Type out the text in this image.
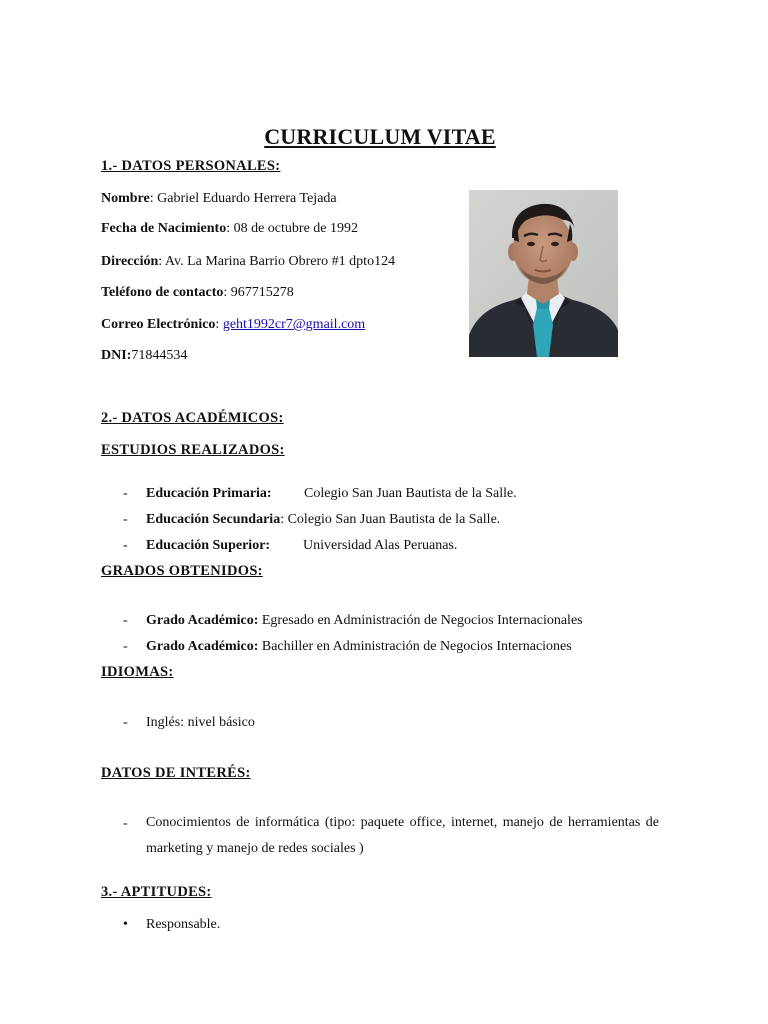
CURRICULUM VITAE
1.- DATOS PERSONALES:
Nombre: Gabriel Eduardo Herrera Tejada
Fecha de Nacimiento: 08 de octubre de 1992
Dirección: Av. La Marina Barrio Obrero #1 dpto124
Teléfono de contacto: 967715278
Correo Electrónico: geht1992cr7@gmail.com
DNI:71844534
2.- DATOS ACADÉMICOS:
ESTUDIOS REALIZADOS:
- Educación Primaria: Colegio San Juan Bautista de la Salle.
- Educación Secundaria: Colegio San Juan Bautista de la Salle.
- Educación Superior: Universidad Alas Peruanas.
GRADOS OBTENIDOS:
- Grado Académico: Egresado en Administración de Negocios Internacionales
- Grado Académico: Bachiller en Administración de Negocios Internaciones
IDIOMAS:
- Inglés: nivel básico
DATOS DE INTERÉS:
- Conocimientos de informática (tipo: paquete office, internet, manejo de herramientas de marketing y manejo de redes sociales )
3.- APTITUDES:
• Responsable.
